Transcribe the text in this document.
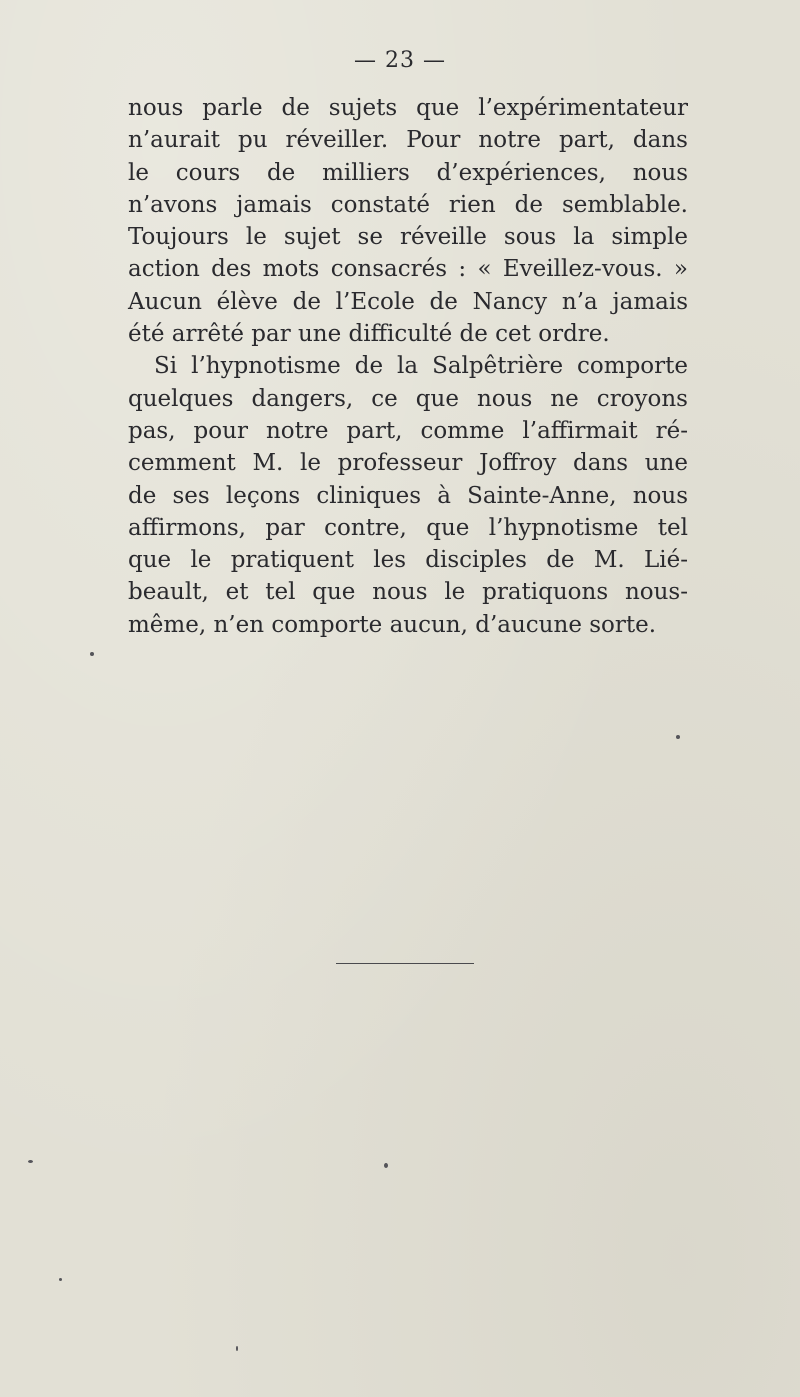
— 23 —
nous parle de sujets que l’expérimentateur
n’aurait pu réveiller. Pour notre part, dans
le cours de milliers d’expériences, nous
n’avons jamais constaté rien de semblable.
Toujours le sujet se réveille sous la simple
action des mots consacrés : « Eveillez-vous. »
Aucun élève de l’Ecole de Nancy n’a jamais
été arrêté par une difficulté de cet ordre.
Si l’hypnotisme de la Salpêtrière comporte
quelques dangers, ce que nous ne croyons
pas, pour notre part, comme l’affirmait ré-
cemment M. le professeur Joffroy dans une
de ses leçons cliniques à Sainte-Anne, nous
affirmons, par contre, que l’hypnotisme tel
que le pratiquent les disciples de M. Lié-
beault, et tel que nous le pratiquons nous-
même, n’en comporte aucun, d’aucune sorte.
